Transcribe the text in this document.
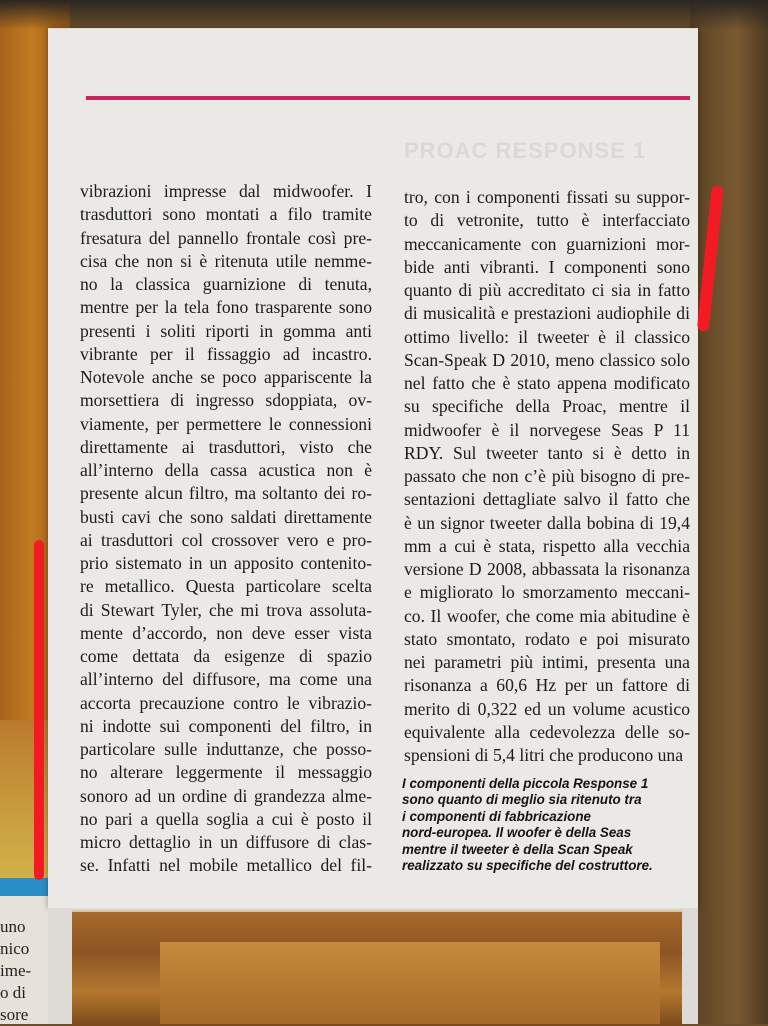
uno
nico
ime-
o di
sore
PROAC RESPONSE 1
vibrazioni impresse dal midwoofer. I
trasduttori sono montati a filo tramite
fresatura del pannello frontale così pre-
cisa che non si è ritenuta utile nemme-
no la classica guarnizione di tenuta,
mentre per la tela fono trasparente sono
presenti i soliti riporti in gomma anti
vibrante per il fissaggio ad incastro.
Notevole anche se poco appariscente la
morsettiera di ingresso sdoppiata, ov-
viamente, per permettere le connessioni
direttamente ai trasduttori, visto che
all’interno della cassa acustica non è
presente alcun filtro, ma soltanto dei ro-
busti cavi che sono saldati direttamente
ai trasduttori col crossover vero e pro-
prio sistemato in un apposito contenito-
re metallico. Questa particolare scelta
di Stewart Tyler, che mi trova assoluta-
mente d’accordo, non deve esser vista
come dettata da esigenze di spazio
all’interno del diffusore, ma come una
accorta precauzione contro le vibrazio-
ni indotte sui componenti del filtro, in
particolare sulle induttanze, che posso-
no alterare leggermente il messaggio
sonoro ad un ordine di grandezza almе-
no pari a quella soglia a cui è posto il
micro dettaglio in un diffusore di clas-
se. Infatti nel mobile metallico del fil-
tro, con i componenti fissati su suppor-
to di vetronite, tutto è interfacciato
meccanicamente con guarnizioni mor-
bide anti vibranti. I componenti sono
quanto di più accreditato ci sia in fatto
di musicalità e prestazioni audiophile di
ottimo livello: il tweeter è il classico
Scan-Speak D 2010, meno classico solo
nel fatto che è stato appena modificato
su specifiche della Proac, mentre il
midwoofer è il norvegese Seas P 11
RDY. Sul tweeter tanto si è detto in
passato che non c’è più bisogno di pre-
sentazioni dettagliate salvo il fatto che
è un signor tweeter dalla bobina di 19,4
mm a cui è stata, rispetto alla vecchia
versione D 2008, abbassata la risonanza
e migliorato lo smorzamento meccani-
co. Il woofer, che come mia abitudine è
stato smontato, rodato e poi misurato
nei parametri più intimi, presenta una
risonanza a 60,6 Hz per un fattore di
merito di 0,322 ed un volume acustico
equivalente alla cedevolezza delle so-
spensioni di 5,4 litri che producono una
I componenti della piccola Response 1
sono quanto di meglio sia ritenuto tra
i componenti di fabbricazione
nord-europea. Il woofer è della Seas
mentre il tweeter è della Scan Speak
realizzato su specifiche del costruttore.
